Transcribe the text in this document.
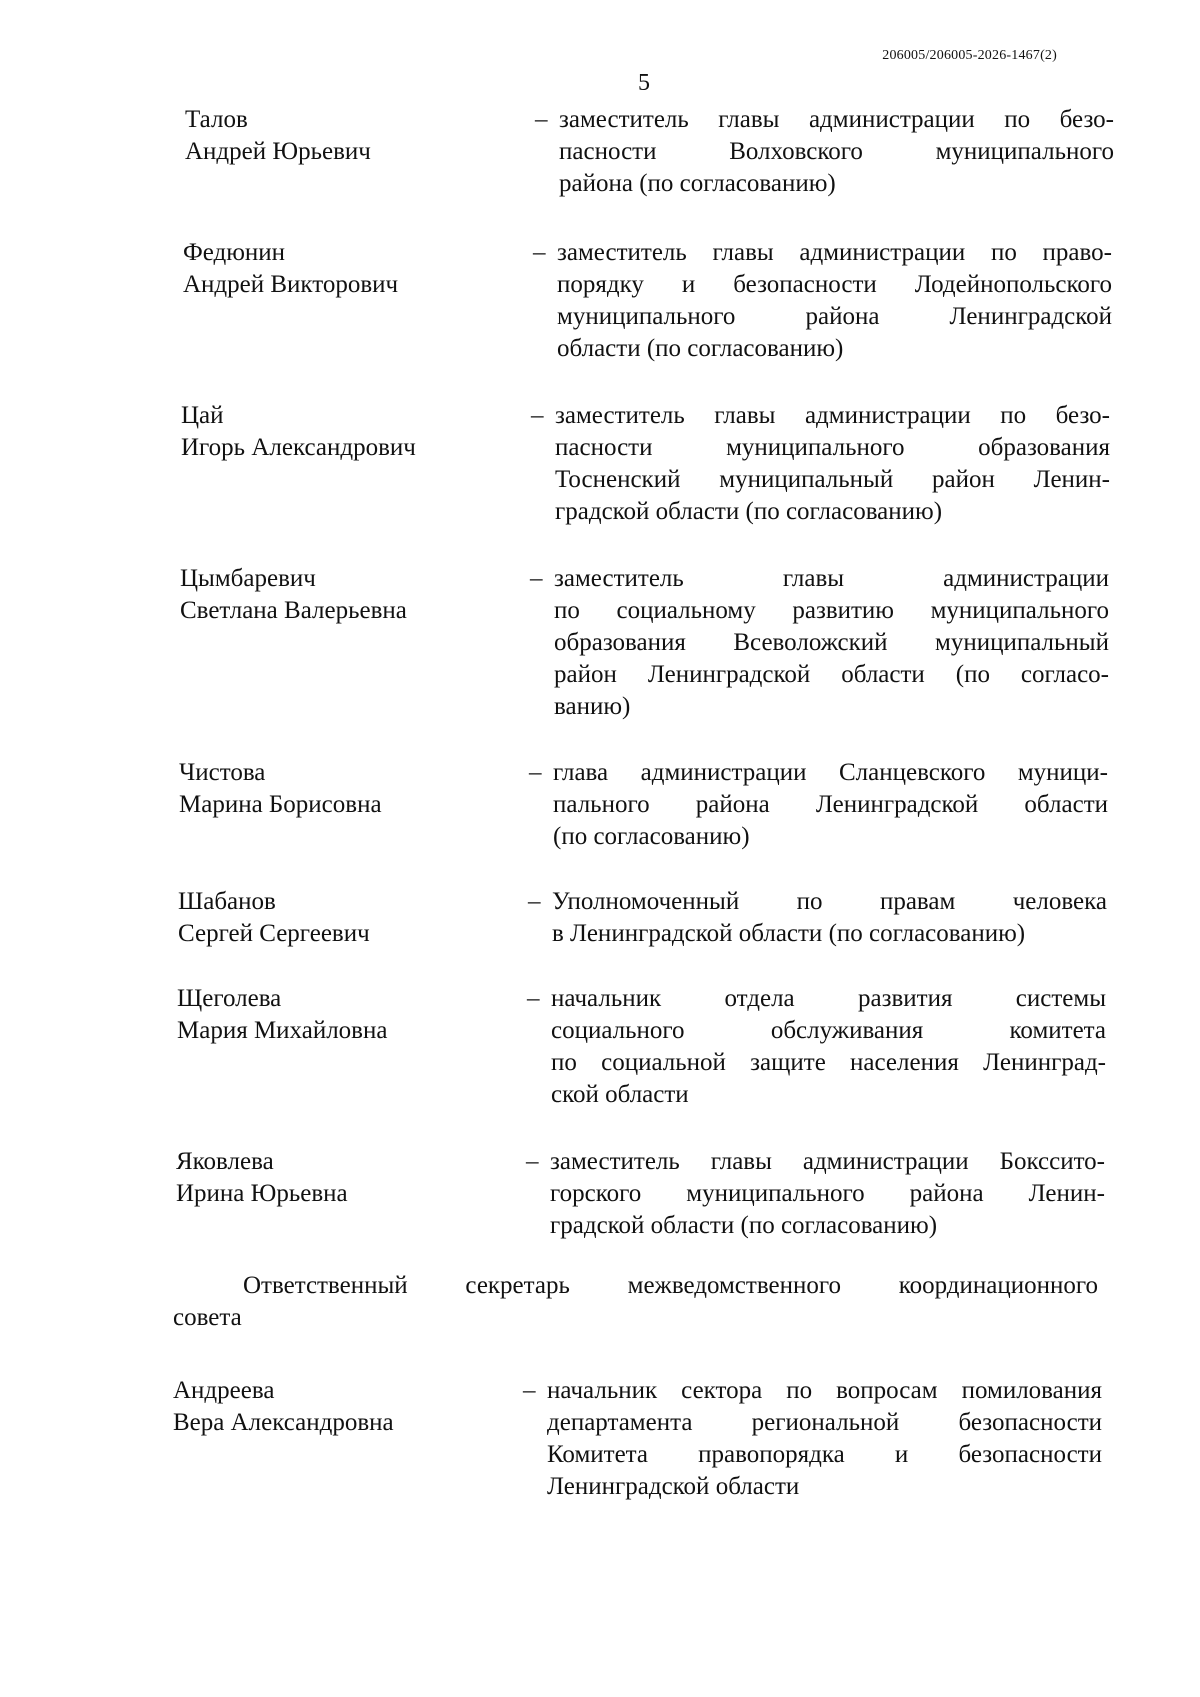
206005/206005-2026-1467(2)
5
Талов
Андрей Юрьевич
– заместитель главы администрации по безо-
пасности Волховского муниципального
района (по согласованию)
Федюнин
Андрей Викторович
– заместитель главы администрации по право-
порядку и безопасности Лодейнопольского
муниципального района Ленинградской
области (по согласованию)
Цай
Игорь Александрович
– заместитель главы администрации по безо-
пасности муниципального образования
Тосненский муниципальный район Ленин-
градской области (по согласованию)
Цымбаревич
Светлана Валерьевна
– заместитель главы администрации
по социальному развитию муниципального
образования Всеволожский муниципальный
район Ленинградской области (по согласо-
ванию)
Чистова
Марина Борисовна
– глава администрации Сланцевского муници-
пального района Ленинградской области
(по согласованию)
Шабанов
Сергей Сергеевич
– Уполномоченный по правам человека
в Ленинградской области (по согласованию)
Щеголева
Мария Михайловна
– начальник отдела развития системы
социального обслуживания комитета
по социальной защите населения Ленинград-
ской области
Яковлева
Ирина Юрьевна
– заместитель главы администрации Бокссито-
горского муниципального района Ленин-
градской области (по согласованию)
Ответственный секретарь межведомственного координационного
совета
Андреева
Вера Александровна
– начальник сектора по вопросам помилования
департамента региональной безопасности
Комитета правопорядка и безопасности
Ленинградской области
